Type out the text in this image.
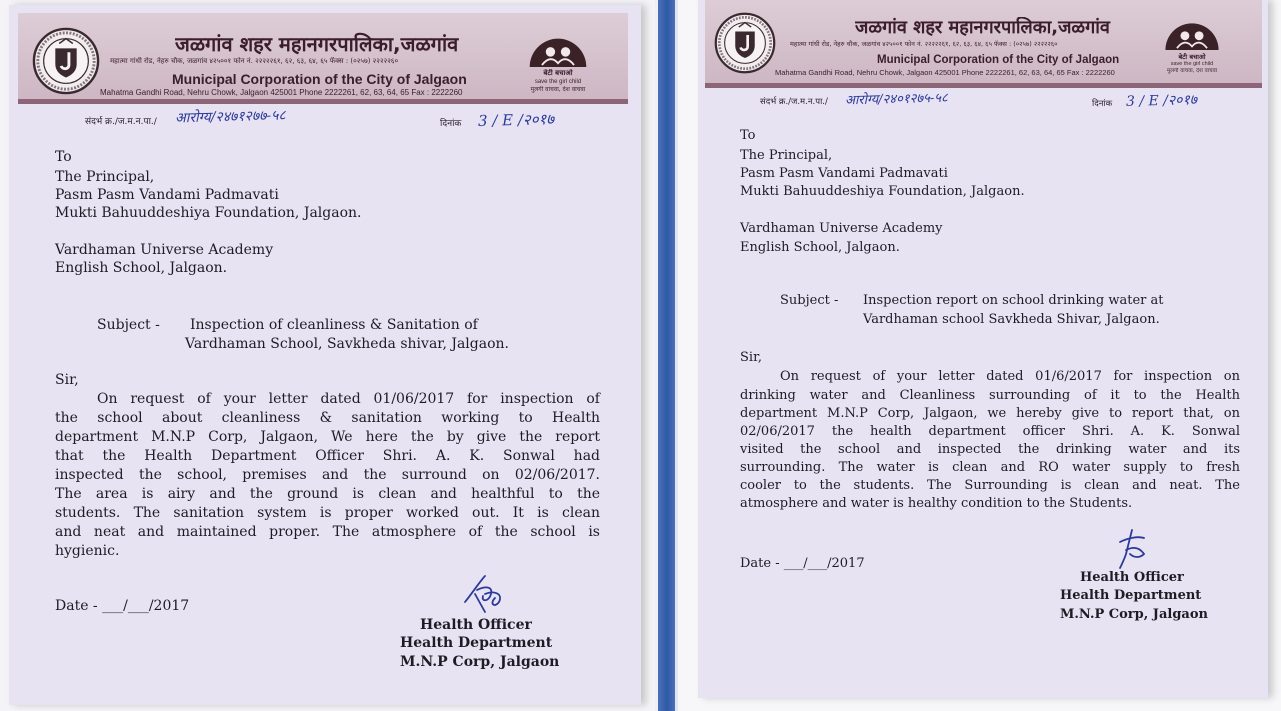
जळगांव शहर महानगरपालिका,जळगांव
महात्मा गांधी रोड, नेहरु चौक, जळगांव ४२५००१ फोन नं. २२२२२६१, ६२, ६३, ६४, ६५ फॅक्स : (०२५७) २२२२२६०
Municipal Corporation of the City of Jalgaon
Mahatma Gandhi Road, Nehru Chowk, Jalgaon 425001 Phone 2222261, 62, 63, 64, 65 Fax : 2222260
बेटी बचाओ
save the girl child
मुलगी वाचवा, देश वाचवा
संदर्भ क्र./ज.म.न.पा./ आरोग्य/२४७१२७७-५८	दिनांक 3 / E /२०१७
To
The Principal,
Pasm Pasm Vandami Padmavati
Mukti Bahuuddeshiya Foundation, Jalgaon.
Vardhaman Universe Academy
English School, Jalgaon.
Subject - Inspection of cleanliness & Sanitation of
Vardhaman School, Savkheda shivar, Jalgaon.
Sir,
On request of your letter dated 01/06/2017 for inspection of
the school about cleanliness & sanitation working to Health
department M.N.P Corp, Jalgaon, We here the by give the report
that the Health Department Officer Shri. A. K. Sonwal had
inspected the school, premises and the surround on 02/06/2017.
The area is airy and the ground is clean and healthful to the
students. The sanitation system is proper worked out. It is clean
and neat and maintained proper. The atmosphere of the school is
hygienic.
Date - ___/___/2017
Health Officer
Health Department
M.N.P Corp, Jalgaon
जळगांव शहर महानगरपालिका,जळगांव
महात्मा गांधी रोड, नेहरु चौक, जळगांव ४२५००१ फोन नं. २२२२२६१, ६२, ६३, ६४, ६५ फॅक्स : (०२५७) २२२२२६०
Municipal Corporation of the City of Jalgaon
Mahatma Gandhi Road, Nehru Chowk, Jalgaon 425001 Phone 2222261, 62, 63, 64, 65 Fax : 2222260
बेटी बचाओ
save the girl child
मुलगी वाचवा, देश वाचवा
संदर्भ क्र./ज.म.न.पा./ आरोग्य/२४०१२७५-५८	दिनांक 3 / E /२०१७
To
The Principal,
Pasm Pasm Vandami Padmavati
Mukti Bahuuddeshiya Foundation, Jalgaon.
Vardhaman Universe Academy
English School, Jalgaon.
Subject - Inspection report on school drinking water at
Vardhaman school Savkheda Shivar, Jalgaon.
Sir,
On request of your letter dated 01/6/2017 for inspection on
drinking water and Cleanliness surrounding of it to the Health
department M.N.P Corp, Jalgaon, we hereby give to report that, on
02/06/2017 the health department officer Shri. A. K. Sonwal
visited the school and inspected the drinking water and its
surrounding. The water is clean and RO water supply to fresh
cooler to the students. The Surrounding is clean and neat. The
atmosphere and water is healthy condition to the Students.
Date - ___/___/2017
Health Officer
Health Department
M.N.P Corp, Jalgaon
